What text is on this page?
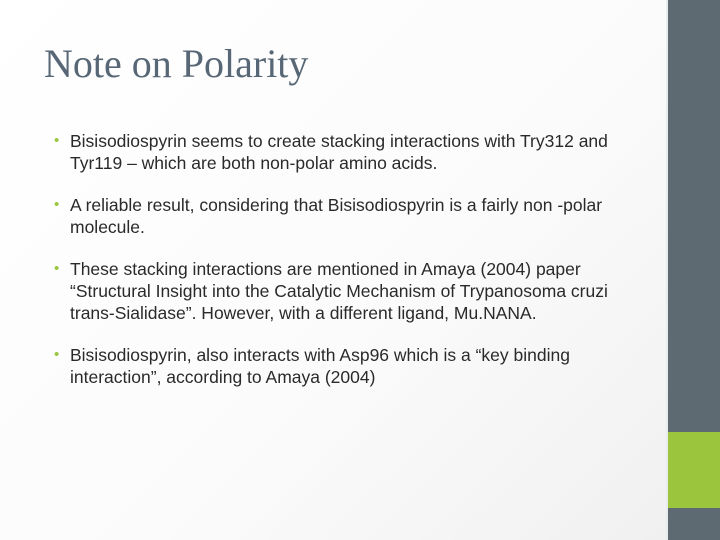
Note on Polarity
• Bisisodiospyrin seems to create stacking interactions with Try312 and Tyr119 – which are both non-polar amino acids.
• A reliable result, considering that Bisisodiospyrin is a fairly non -polar molecule.
• These stacking interactions are mentioned in Amaya (2004) paper “Structural Insight into the Catalytic Mechanism of Trypanosoma cruzi trans-Sialidase”. However, with a different ligand, Mu.NANA.
• Bisisodiospyrin, also interacts with Asp96 which is a “key binding interaction”, according to Amaya (2004)
